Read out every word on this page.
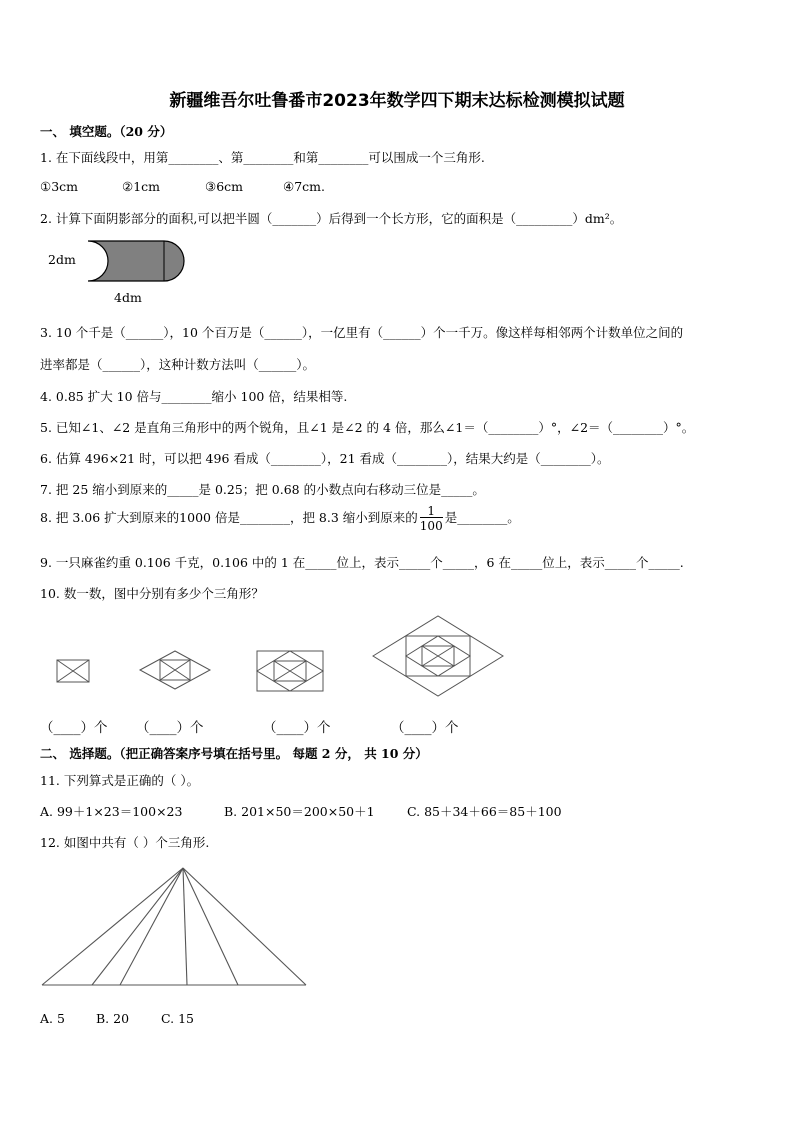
新疆维吾尔吐鲁番市2023年数学四下期末达标检测模拟试题
一、 填空题。（20 分）
1. 在下面线段中，用第________、第________和第________可以围成一个三角形.
①3cm	②1cm	③6cm	④7cm.
2. 计算下面阴影部分的面积,可以把半圆（_______）后得到一个长方形，它的面积是（_________）dm²。
2dm
4dm
3. 10 个千是（______），10 个百万是（______），一亿里有（______）个一千万。像这样每相邻两个计数单位之间的
进率都是（______），这种计数方法叫（______）。
4. 0.85 扩大 10 倍与________缩小 100 倍，结果相等.
5. 已知∠1、∠2 是直角三角形中的两个锐角，且∠1 是∠2 的 4 倍，那么∠1＝（________）°，∠2＝（________）°。
6. 估算 496×21 时，可以把 496 看成（________），21 看成（________），结果大约是（________）。
7. 把 25 缩小到原来的_____是 0.25；把 0.68 的小数点向右移动三位是_____。
8. 把 3.06 扩大到原来的1000 倍是________，把 8.3 缩小到原来的 $\frac{1}{100}$ 是________。
9. 一只麻雀约重 0.106 千克，0.106 中的 1 在_____位上，表示_____个_____，6 在_____位上，表示_____个_____.
10. 数一数，图中分别有多少个三角形？
（____）个 （____）个	（____）个	（____）个
二、 选择题。（把正确答案序号填在括号里。 每题 2 分， 共 10 分）
11. 下列算式是正确的（ ）。
A. 99＋1×23＝100×23	B. 201×50＝200×50＋1	C. 85＋34＋66＝85＋100
12. 如图中共有（ ）个三角形.
A. 5 B. 20	C. 15
